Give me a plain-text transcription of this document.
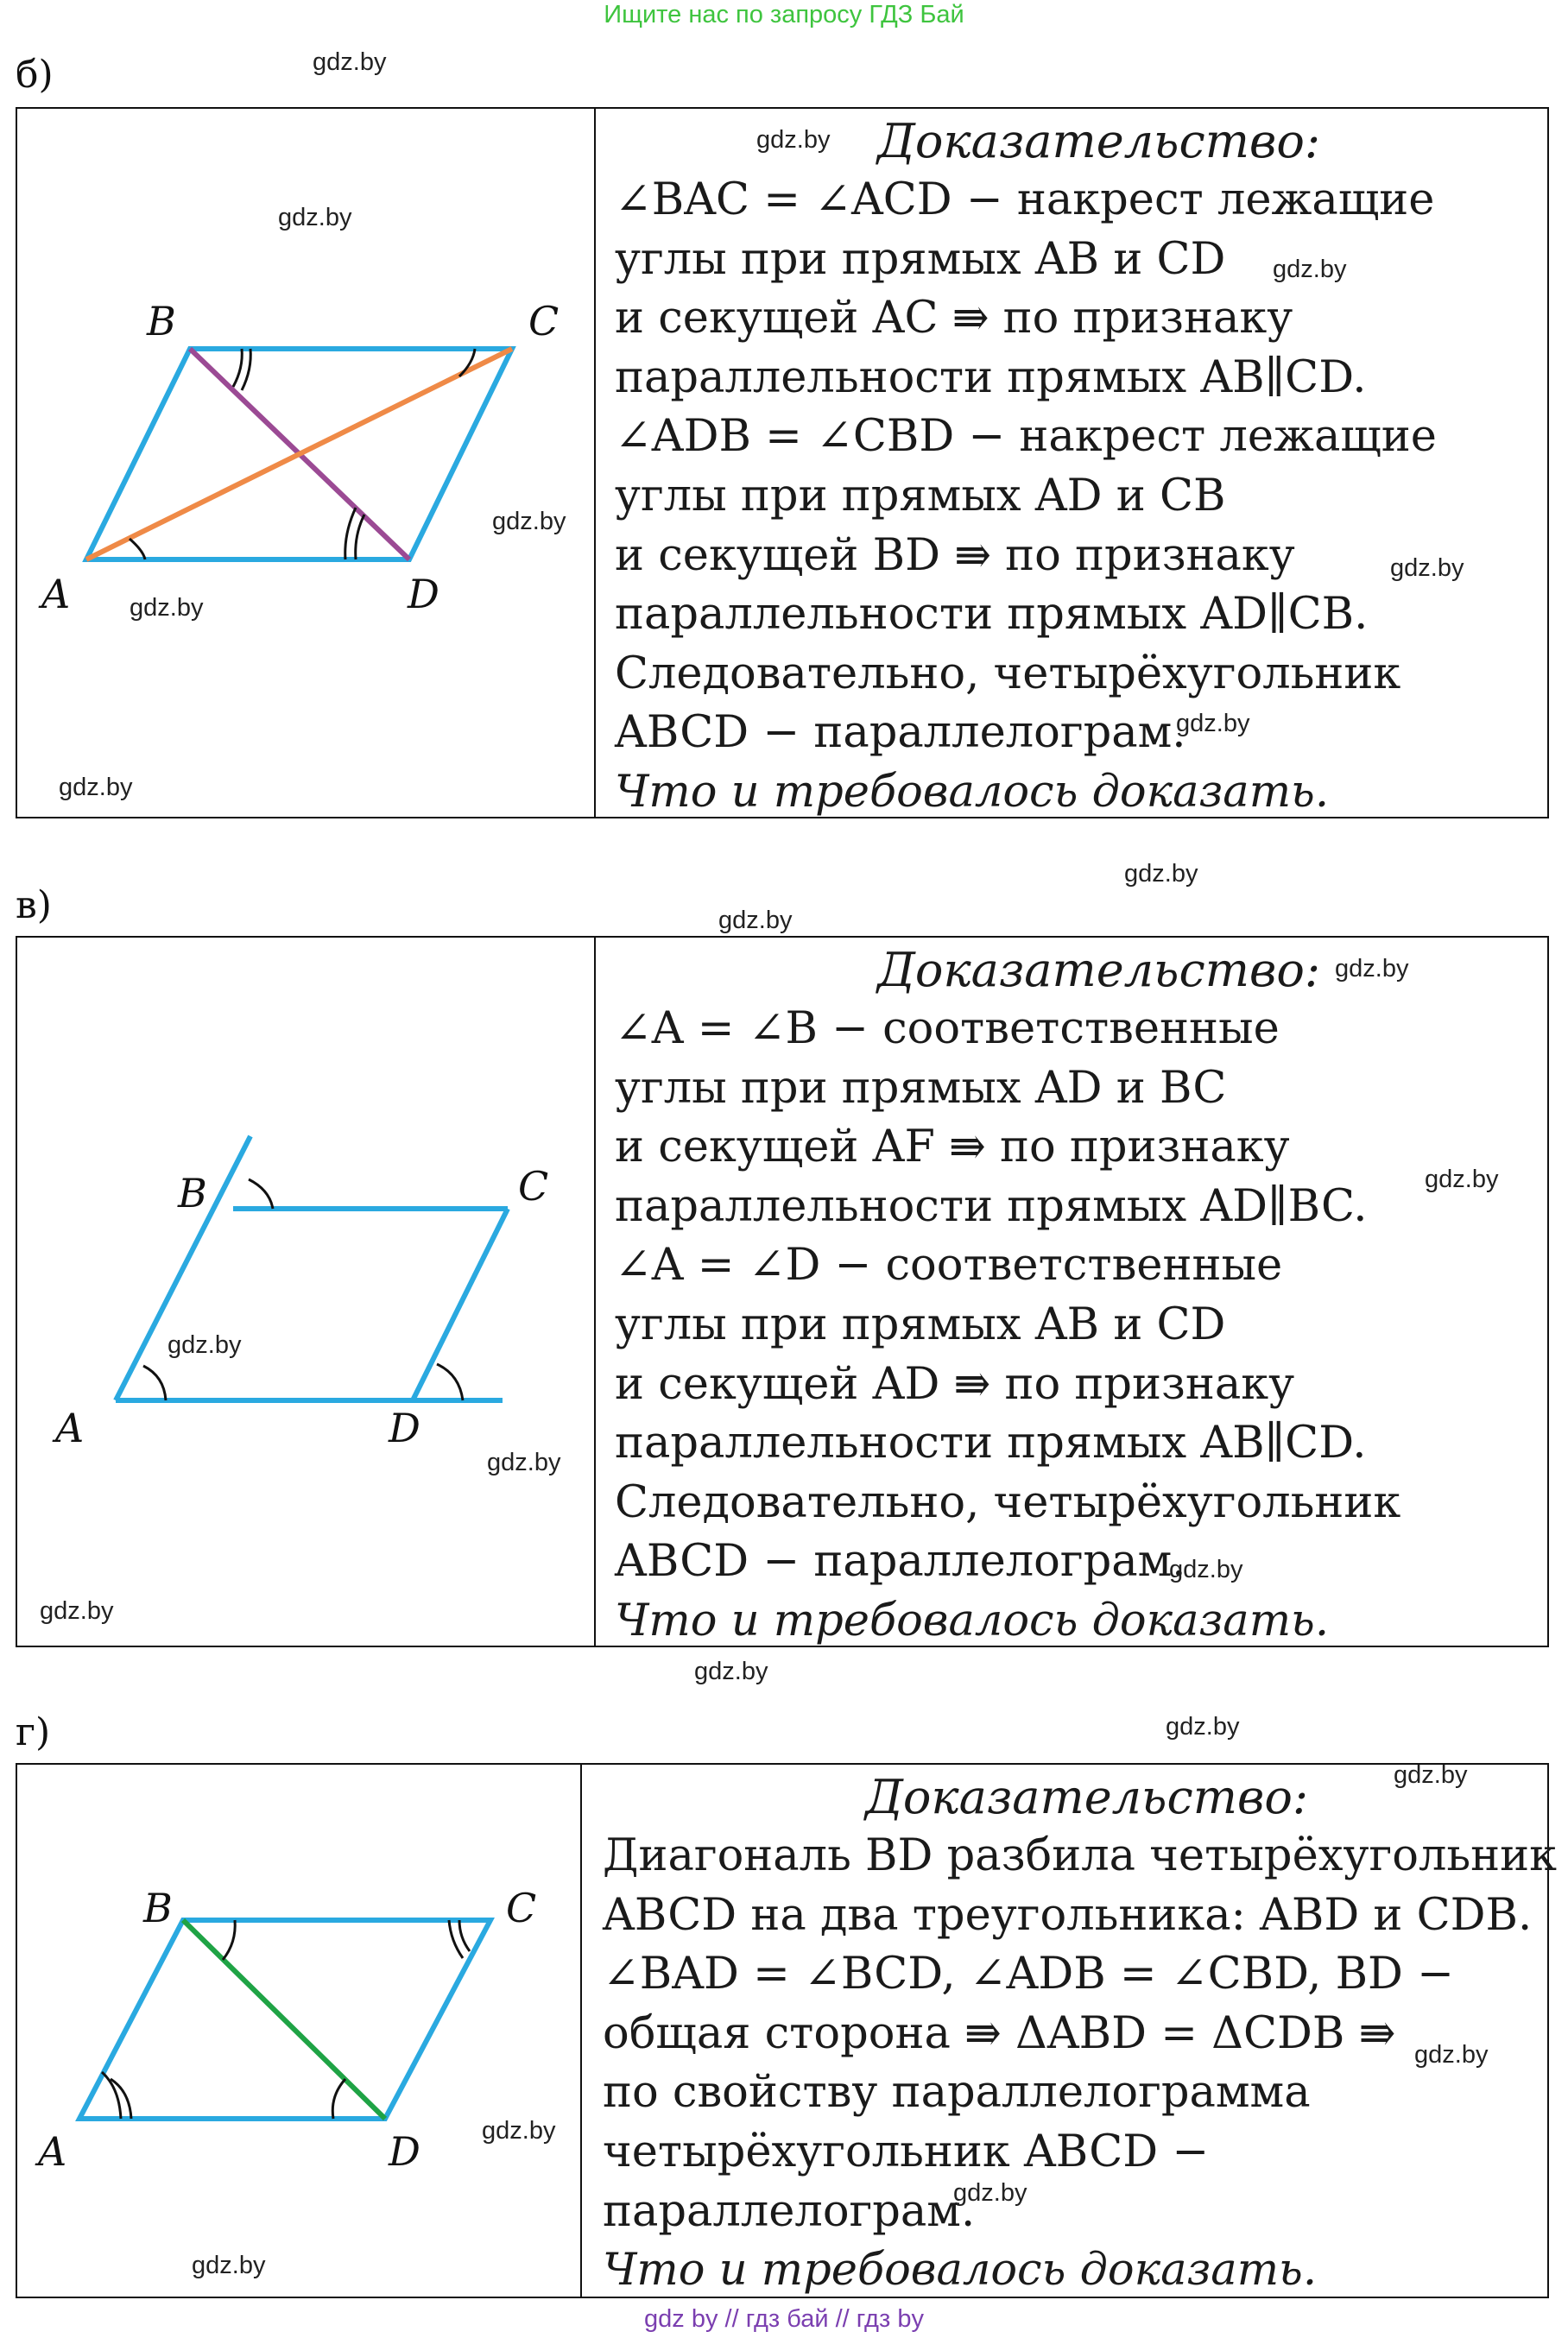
Ищите нас по запросу ГДЗ Бай
б)
B	C
A	D
Доказательство:
∠BAC = ∠ACD − накрест лежащие
углы при прямых AB и CD
и секущей AC ⇛ по признаку
параллельности прямых AB∥CD.
∠ADB = ∠CBD − накрест лежащие
углы при прямых AD и CB
и секущей BD ⇛ по признаку
параллельности прямых AD∥CB.
Следовательно, четырёхугольник
ABCD − параллелограм.
Что и требовалось доказать.
в)
B	C
A	D
Доказательство:
∠A = ∠B − соответственные
углы при прямых AD и BC
и секущей AF ⇛ по признаку
параллельности прямых AD∥BC.
∠A = ∠D − соответственные
углы при прямых AB и CD
и секущей AD ⇛ по признаку
параллельности прямых AB∥CD.
Следовательно, четырёхугольник
ABCD − параллелограм.
Что и требовалось доказать.
г)
B	C
A	D
Доказательство:
Диагональ BD разбила четырёхугольник
ABCD на два треугольника: ABD и CDB.
∠BAD = ∠BCD, ∠ADB = ∠CBD, BD −
общая сторона ⇛ ΔABD = ΔCDB ⇛
по свойству параллелограмма
четырёхугольник ABCD −
параллелограм.
Что и требовалось доказать.
gdz.by
gdz.by
gdz.by
gdz.by
gdz.by
gdz.by
gdz.by
gdz.by
gdz.by
gdz.by
gdz.by
gdz.by
gdz.by
gdz.by
gdz.by
gdz.by
gdz.by
gdz.by
gdz.by
gdz.by
gdz.by
gdz.by
gdz.by
gdz.by
gdz by // гдз бай // гдз by
